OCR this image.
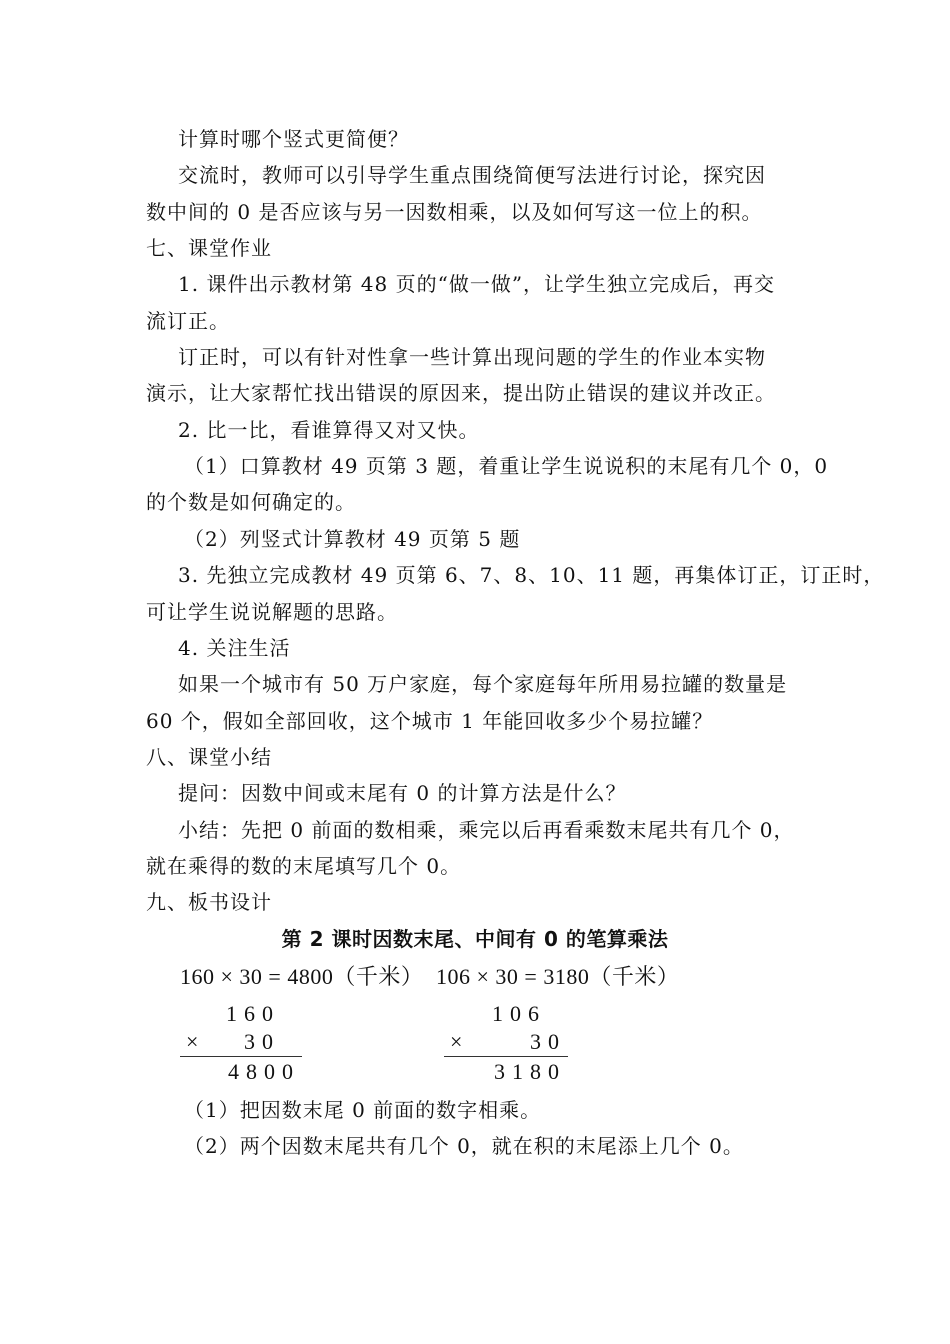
计算时哪个竖式更简便？
交流时，教师可以引导学生重点围绕简便写法进行讨论，探究因
数中间的 0 是否应该与另一因数相乘，以及如何写这一位上的积。
七、课堂作业
1. 课件出示教材第 48 页的“做一做”，让学生独立完成后，再交
流订正。
订正时，可以有针对性拿一些计算出现问题的学生的作业本实物
演示，让大家帮忙找出错误的原因来，提出防止错误的建议并改正。
2. 比一比，看谁算得又对又快。
（1）口算教材 49 页第 3 题，着重让学生说说积的末尾有几个 0，0
的个数是如何确定的。
（2）列竖式计算教材 49 页第 5 题
3. 先独立完成教材 49 页第 6、7、8、10、11 题，再集体订正，订正时，
可让学生说说解题的思路。
4. 关注生活
如果一个城市有 50 万户家庭，每个家庭每年所用易拉罐的数量是
60 个，假如全部回收，这个城市 1 年能回收多少个易拉罐？
八、课堂小结
提问：因数中间或末尾有 0 的计算方法是什么？
小结：先把 0 前面的数相乘，乘完以后再看乘数末尾共有几个 0，
就在乘得的数的末尾填写几个 0。
九、板书设计
第 2 课时因数末尾、中间有 0 的笔算乘法
160 × 30 = 4800（千米） 106 × 30 = 3180（千米）
160
× 30
4800
106
×	30
3180
（1）把因数末尾 0 前面的数字相乘。
（2）两个因数末尾共有几个 0，就在积的末尾添上几个 0。
